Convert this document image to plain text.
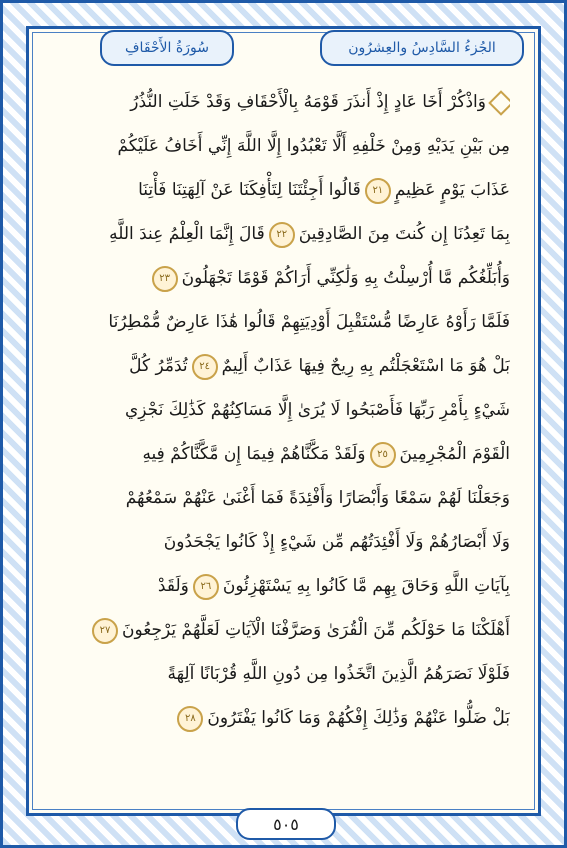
سُورَةُ الأَحْقَافِ	الجُزءُ السَّادِسُ والعِشرُون
وَاذْكُرْ أَخَا عَادٍ إِذْ أَنذَرَ قَوْمَهُ بِالْأَحْقَافِ وَقَدْ خَلَتِ النُّذُرُ
مِن بَيْنِ يَدَيْهِ وَمِنْ خَلْفِهِ أَلَّا تَعْبُدُوا إِلَّا اللَّهَ إِنِّي أَخَافُ عَلَيْكُمْ
عَذَابَ يَوْمٍ عَظِيمٍ٢١قَالُوا أَجِئْتَنَا لِتَأْفِكَنَا عَنْ آلِهَتِنَا فَأْتِنَا
بِمَا تَعِدُنَا إِن كُنتَ مِنَ الصَّادِقِينَ٢٢قَالَ إِنَّمَا الْعِلْمُ عِندَ اللَّهِ
وَأُبَلِّغُكُم مَّا أُرْسِلْتُ بِهِ وَلَٰكِنِّي أَرَاكُمْ قَوْمًا تَجْهَلُونَ٢٣
فَلَمَّا رَأَوْهُ عَارِضًا مُّسْتَقْبِلَ أَوْدِيَتِهِمْ قَالُوا هَٰذَا عَارِضٌ مُّمْطِرُنَا
بَلْ هُوَ مَا اسْتَعْجَلْتُم بِهِ رِيحٌ فِيهَا عَذَابٌ أَلِيمٌ٢٤تُدَمِّرُ كُلَّ
شَيْءٍ بِأَمْرِ رَبِّهَا فَأَصْبَحُوا لَا يُرَىٰ إِلَّا مَسَاكِنُهُمْ كَذَٰلِكَ نَجْزِي
الْقَوْمَ الْمُجْرِمِينَ٢٥وَلَقَدْ مَكَّنَّاهُمْ فِيمَا إِن مَّكَّنَّاكُمْ فِيهِ
وَجَعَلْنَا لَهُمْ سَمْعًا وَأَبْصَارًا وَأَفْئِدَةً فَمَا أَغْنَىٰ عَنْهُمْ سَمْعُهُمْ
وَلَا أَبْصَارُهُمْ وَلَا أَفْئِدَتُهُم مِّن شَيْءٍ إِذْ كَانُوا يَجْحَدُونَ
بِآيَاتِ اللَّهِ وَحَاقَ بِهِم مَّا كَانُوا بِهِ يَسْتَهْزِئُونَ٢٦وَلَقَدْ
أَهْلَكْنَا مَا حَوْلَكُم مِّنَ الْقُرَىٰ وَصَرَّفْنَا الْآيَاتِ لَعَلَّهُمْ يَرْجِعُونَ٢٧
فَلَوْلَا نَصَرَهُمُ الَّذِينَ اتَّخَذُوا مِن دُونِ اللَّهِ قُرْبَانًا آلِهَةً
بَلْ ضَلُّوا عَنْهُمْ وَذَٰلِكَ إِفْكُهُمْ وَمَا كَانُوا يَفْتَرُونَ٢٨
٥٠٥
